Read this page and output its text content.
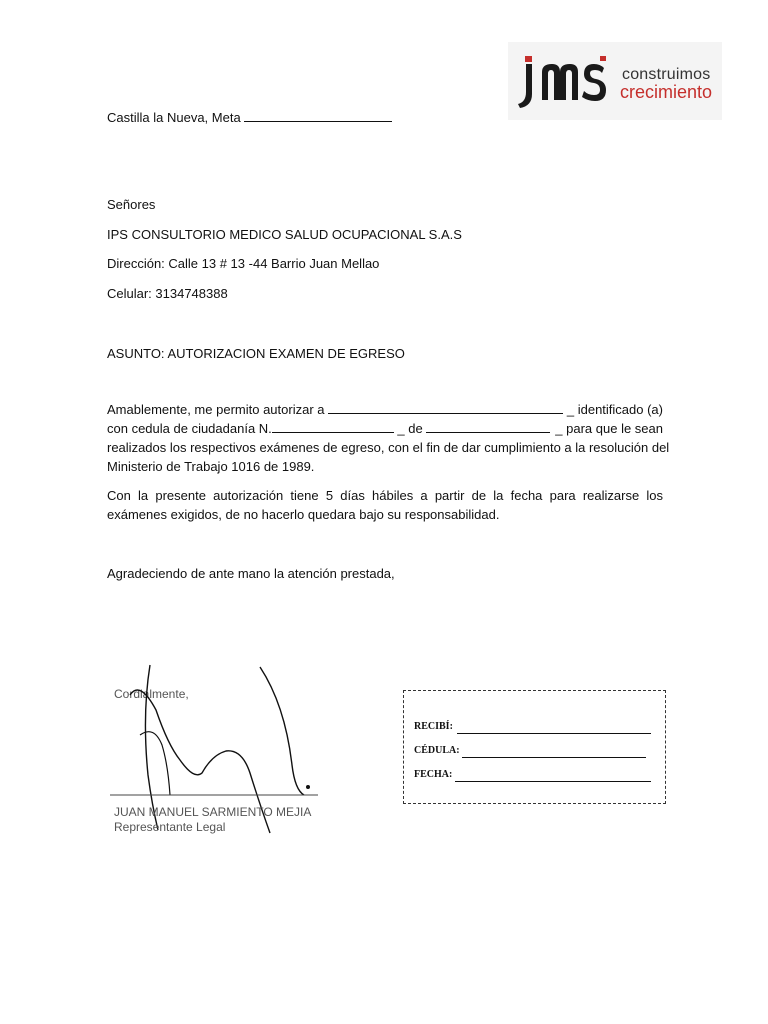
construimos
crecimiento
Castilla la Nueva, Meta
Señores
IPS CONSULTORIO MEDICO SALUD OCUPACIONAL S.A.S
Dirección: Calle 13 # 13 -44 Barrio Juan Mellao
Celular: 3134748388
ASUNTO: AUTORIZACION EXAMEN DE EGRESO
Amablemente, me permito autorizar a	_ identificado (a)
con cedula de ciudadanía N.	_ de	_ para que le sean
realizados los respectivos exámenes de egreso, con el fin de dar cumplimiento a la resolución del
Ministerio de Trabajo 1016 de 1989.
Con la presente autorización tiene 5 días hábiles a partir de la fecha para realizarse los exámenes exigidos, de no hacerlo quedara bajo su responsabilidad.
Agradeciendo de ante mano la atención prestada,
Cordialmente,
JUAN MANUEL SARMIENTO MEJIA
Representante Legal
RECIBÍ:
CÉDULA:
FECHA:
